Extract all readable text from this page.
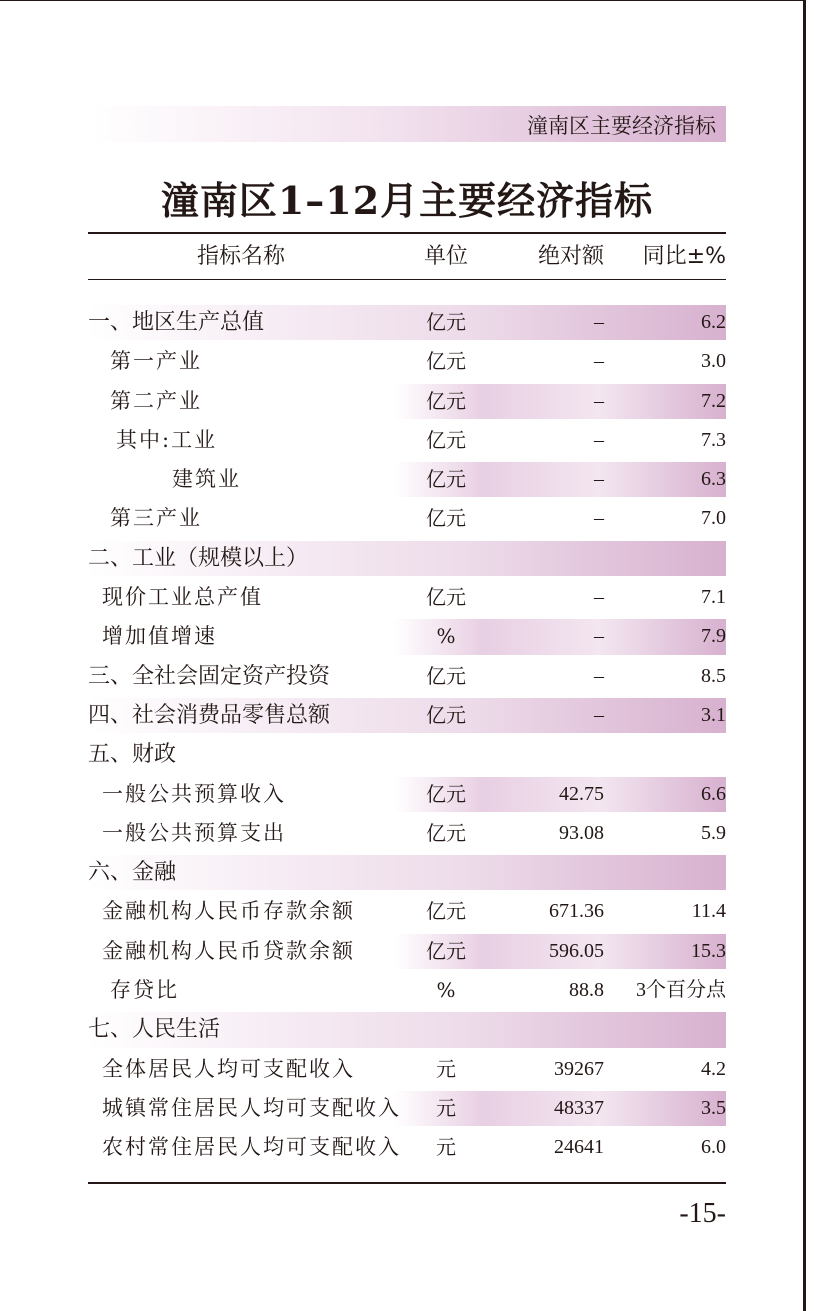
潼南区主要经济指标
潼南区1–12月主要经济指标
指标名称	单位	绝对额	同比±%
一、地区生产总值	亿元	–	6.2
第一产业	亿元	–	3.0
第二产业	亿元	–	7.2
其中:工业	亿元	–	7.3
建筑业	亿元	–	6.3
第三产业	亿元	–	7.0
二、工业（规模以上）
现价工业总产值	亿元	–	7.1
增加值增速	%	–	7.9
三、全社会固定资产投资	亿元	–	8.5
四、社会消费品零售总额	亿元	–	3.1
五、财政
一般公共预算收入	亿元	42.75	6.6
一般公共预算支出	亿元	93.08	5.9
六、金融
金融机构人民币存款余额	亿元	671.36	11.4
金融机构人民币贷款余额	亿元	596.05	15.3
存贷比	%	88.8	3个百分点
七、人民生活
全体居民人均可支配收入	元	39267	4.2
城镇常住居民人均可支配收入	元	48337	3.5
农村常住居民人均可支配收入	元	24641	6.0
-15-
